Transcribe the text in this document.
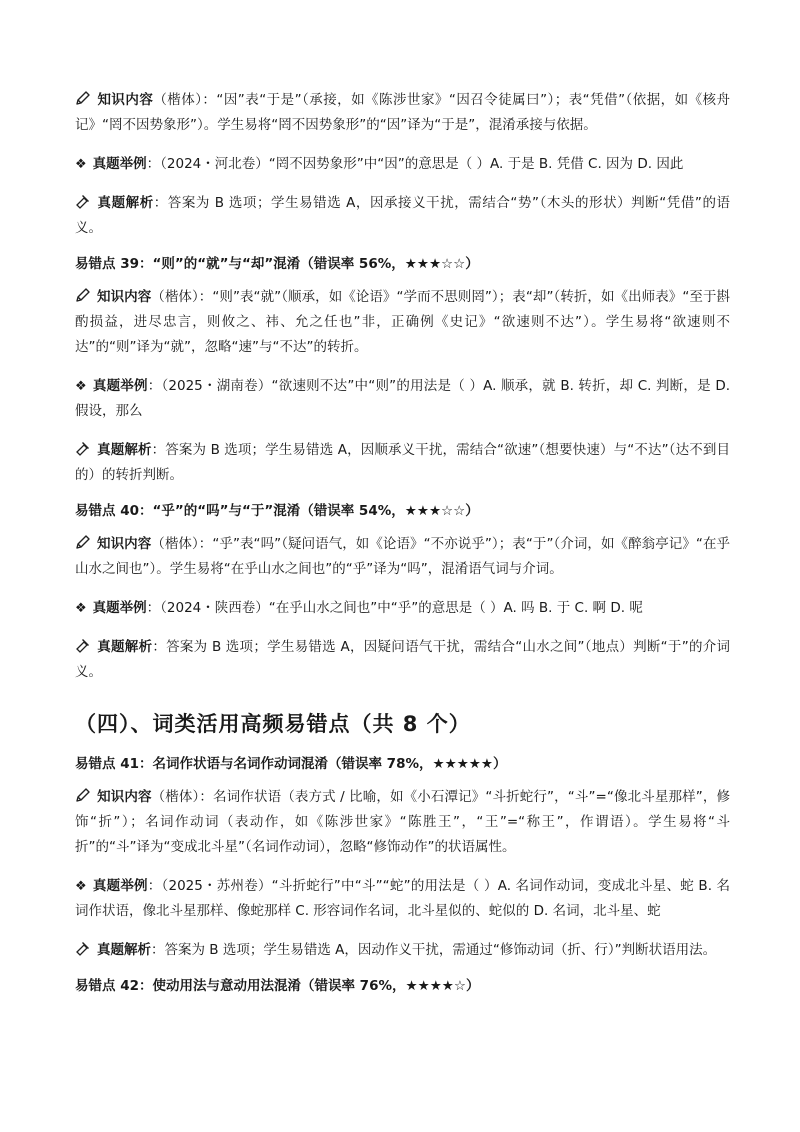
知识内容（楷体）：“因”表“于是”（承接，如《陈涉世家》“因召令徒属曰”）；表“凭借”（依据，如《核舟记》“罔不因势象形”）。学生易将“罔不因势象形”的“因”译为“于是”，混淆承接与依据。

❖ 真题举例：（2024・河北卷）“罔不因势象形”中“因”的意思是（ ）A. 于是 B. 凭借 C. 因为 D. 因此

真题解析：答案为 B 选项；学生易错选 A，因承接义干扰，需结合“势”（木头的形状）判断“凭借”的语义。

易错点 39：“则”的“就”与“却”混淆（错误率 56%，★★★☆☆）

知识内容（楷体）：“则”表“就”（顺承，如《论语》“学而不思则罔”）；表“却”（转折，如《出师表》“至于斟酌损益，进尽忠言，则攸之、祎、允之任也”非，正确例《史记》“欲速则不达”）。学生易将“欲速则不达”的“则”译为“就”，忽略“速”与“不达”的转折。

❖ 真题举例：（2025・湖南卷）“欲速则不达”中“则”的用法是（ ）A. 顺承，就 B. 转折，却 C. 判断，是 D. 假设，那么

真题解析：答案为 B 选项；学生易错选 A，因顺承义干扰，需结合“欲速”（想要快速）与“不达”（达不到目的）的转折判断。

易错点 40：“乎”的“吗”与“于”混淆（错误率 54%，★★★☆☆）

知识内容（楷体）：“乎”表“吗”（疑问语气，如《论语》“不亦说乎”）；表“于”（介词，如《醉翁亭记》“在乎山水之间也”）。学生易将“在乎山水之间也”的“乎”译为“吗”，混淆语气词与介词。

❖ 真题举例：（2024・陕西卷）“在乎山水之间也”中“乎”的意思是（ ）A. 吗 B. 于 C. 啊 D. 呢

真题解析：答案为 B 选项；学生易错选 A，因疑问语气干扰，需结合“山水之间”（地点）判断“于”的介词义。

（四）、词类活用高频易错点（共 8 个）

易错点 41：名词作状语与名词作动词混淆（错误率 78%，★★★★★）

知识内容（楷体）：名词作状语（表方式 / 比喻，如《小石潭记》“斗折蛇行”，“斗”=“像北斗星那样”，修饰“折”）；名词作动词（表动作，如《陈涉世家》“陈胜王”，“王”=“称王”，作谓语）。学生易将“斗折”的“斗”译为“变成北斗星”（名词作动词），忽略“修饰动作”的状语属性。

❖ 真题举例：（2025・苏州卷）“斗折蛇行”中“斗”“蛇”的用法是（ ）A. 名词作动词，变成北斗星、蛇 B. 名词作状语，像北斗星那样、像蛇那样 C. 形容词作名词，北斗星似的、蛇似的 D. 名词，北斗星、蛇

真题解析：答案为 B 选项；学生易错选 A，因动作义干扰，需通过“修饰动词（折、行）”判断状语用法。

易错点 42：使动用法与意动用法混淆（错误率 76%，★★★★☆）
